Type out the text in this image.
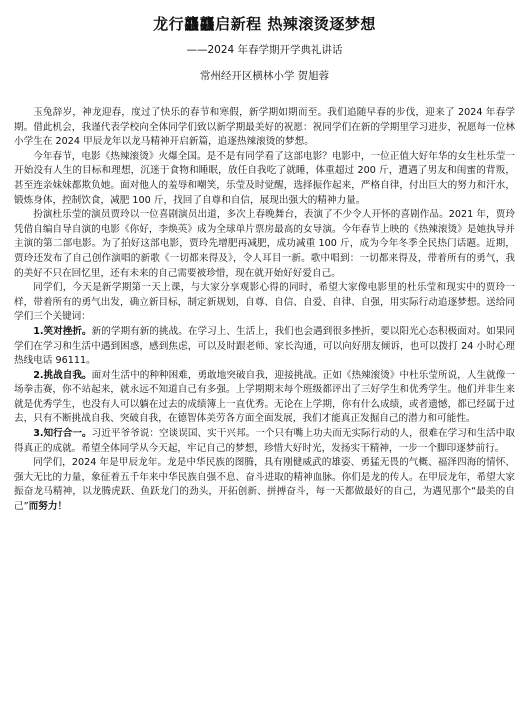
龙行龘龘启新程 热辣滚烫逐梦想
——2024 年春学期开学典礼讲话
常州经开区横林小学 贺旭蓉

玉兔辞岁，神龙迎春，度过了快乐的春节和寒假，新学期如期而至。我们追随早春的步伐，迎来了 2024 年春学期。借此机会，我谨代表学校向全体同学们致以新学期最美好的祝愿：祝同学们在新的学期里学习进步，祝愿每一位林小学生在 2024 甲辰龙年以龙马精神开启新篇，追逐热辣滚烫的梦想。

今年春节，电影《热辣滚烫》火爆全国。是不是有同学看了这部电影？电影中，一位正值大好年华的女生杜乐莹一开始没有人生的目标和理想，沉迷于食物和睡眠，放任自我吃了就睡，体重超过 200 斤，遭遇了男友和闺蜜的背叛，甚至连亲妹妹都欺负她。面对他人的羞辱和嘲笑，乐莹及时觉醒，选择振作起来，严格自律，付出巨大的努力和汗水，锻炼身体，控制饮食，减肥 100 斤，找回了自尊和自信，展现出强大的精神力量。

扮演杜乐莹的演员贾玲以一位喜剧演员出道，多次上春晚舞台，表演了不少令人开怀的喜剧作品。2021 年，贾玲凭借自编自导自演的电影《你好，李焕英》成为全球单片票房最高的女导演。今年春节上映的《热辣滚烫》是她执导并主演的第二部电影。为了拍好这部电影，贾玲先增肥再减肥，成功减重 100 斤，成为今年冬季全民热门话题。近期，贾玲还发布了自己创作演唱的新歌《一切都来得及》，令人耳目一新。歌中唱到：一切都来得及，带着所有的勇气，我的美好不只在回忆里，还有未来的自己需要被珍惜，现在就开始好好爱自己。

同学们，今天是新学期第一天上课，与大家分享观影心得的同时，希望大家像电影里的杜乐莹和现实中的贾玲一样，带着所有的勇气出发，确立新目标，制定新规划，自尊、自信、自爱、自律、自强，用实际行动追逐梦想。送给同学们三个关键词：

1.笑对挫折。新的学期有新的挑战。在学习上、生活上，我们也会遇到很多挫折，要以阳光心态积极面对。如果同学们在学习和生活中遇到困惑，感到焦虑，可以及时跟老师、家长沟通，可以向好朋友倾诉，也可以拨打 24 小时心理热线电话 96111。

2.挑战自我。面对生活中的种种困难，勇敢地突破自我，迎接挑战。正如《热辣滚烫》中杜乐莹所说，人生就像一场拳击赛，你不站起来，就永远不知道自己有多强。上学期期末每个班级都评出了三好学生和优秀学生。他们并非生来就是优秀学生，也没有人可以躺在过去的成绩簿上一直优秀。无论在上学期，你有什么成绩，或者遗憾，都已经属于过去，只有不断挑战自我、突破自我，在德智体美劳各方面全面发展，我们才能真正发掘自己的潜力和可能性。

3.知行合一。习近平爷爷说：空谈误国、实干兴邦。一个只有嘴上功夫而无实际行动的人，很难在学习和生活中取得真正的成就。希望全体同学从今天起，牢记自己的梦想，珍惜大好时光，发扬实干精神，一步一个脚印逐梦前行。

同学们，2024 年是甲辰龙年。龙是中华民族的图腾，具有刚健威武的雄姿、勇猛无畏的气概、福泽四海的情怀、强大无比的力量，象征着五千年来中华民族自强不息、奋斗进取的精神血脉。你们是龙的传人。在甲辰龙年，希望大家振奋龙马精神，以龙腾虎跃、鱼跃龙门的劲头，开拓创新、拼搏奋斗，每一天都做最好的自己，为遇见那个“最美的自己”而努力！
